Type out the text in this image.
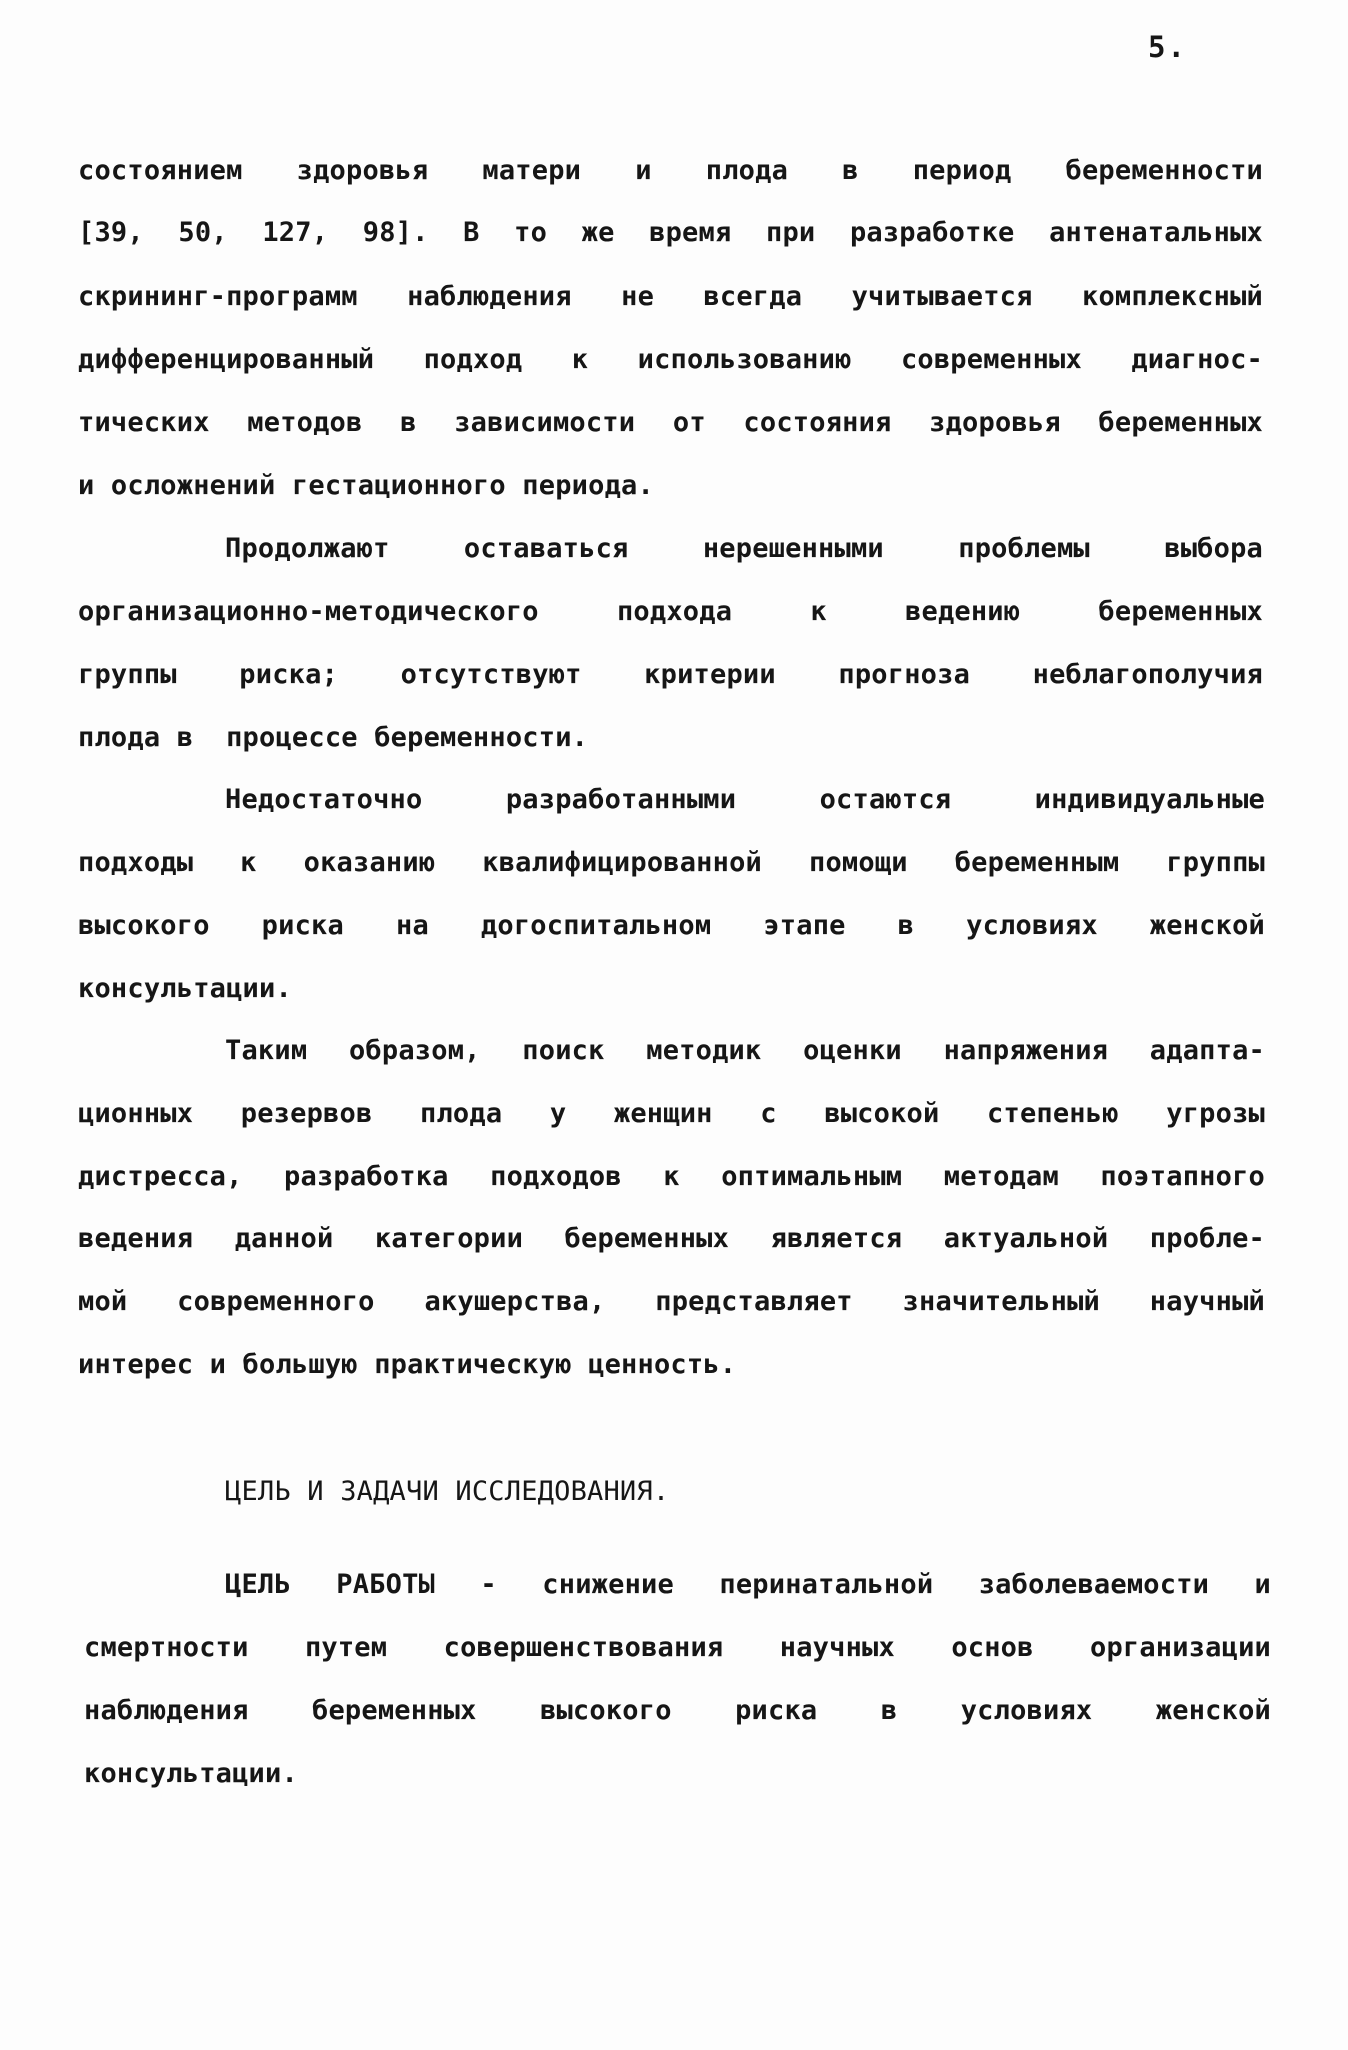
5.
состоянием здоровья матери и плода в период беременности
[39, 50, 127, 98]. В то же время при разработке антенатальных
скрининг-программ наблюдения не всегда учитывается комплексный
дифференцированный подход к использованию современных диагнос-
тических методов в зависимости от состояния здоровья беременных
и осложнений гестационного периода.
Продолжают оставаться нерешенными проблемы выбора
организационно-методического подхода к ведению беременных
группы риска; отсутствуют критерии прогноза неблагополучия
плода в  процессе беременности.
Недостаточно разработанными остаются индивидуальные
подходы к оказанию квалифицированной помощи беременным группы
высокого риска на догоспитальном этапе в условиях женской
консультации.
Таким образом, поиск методик оценки напряжения адапта-
ционных резервов плода у женщин с высокой степенью угрозы
дистресса, разработка подходов к оптимальным методам поэтапного
ведения данной категории беременных является актуальной пробле-
мой современного акушерства, представляет значительный научный
интерес и большую практическую ценность.
ЦЕЛЬ И ЗАДАЧИ ИССЛЕДОВАНИЯ.
ЦЕЛЬ РАБОТЫ - снижение перинатальной заболеваемости и
смертности путем совершенствования научных основ организации
наблюдения беременных высокого риска в условиях женской
консультации.
